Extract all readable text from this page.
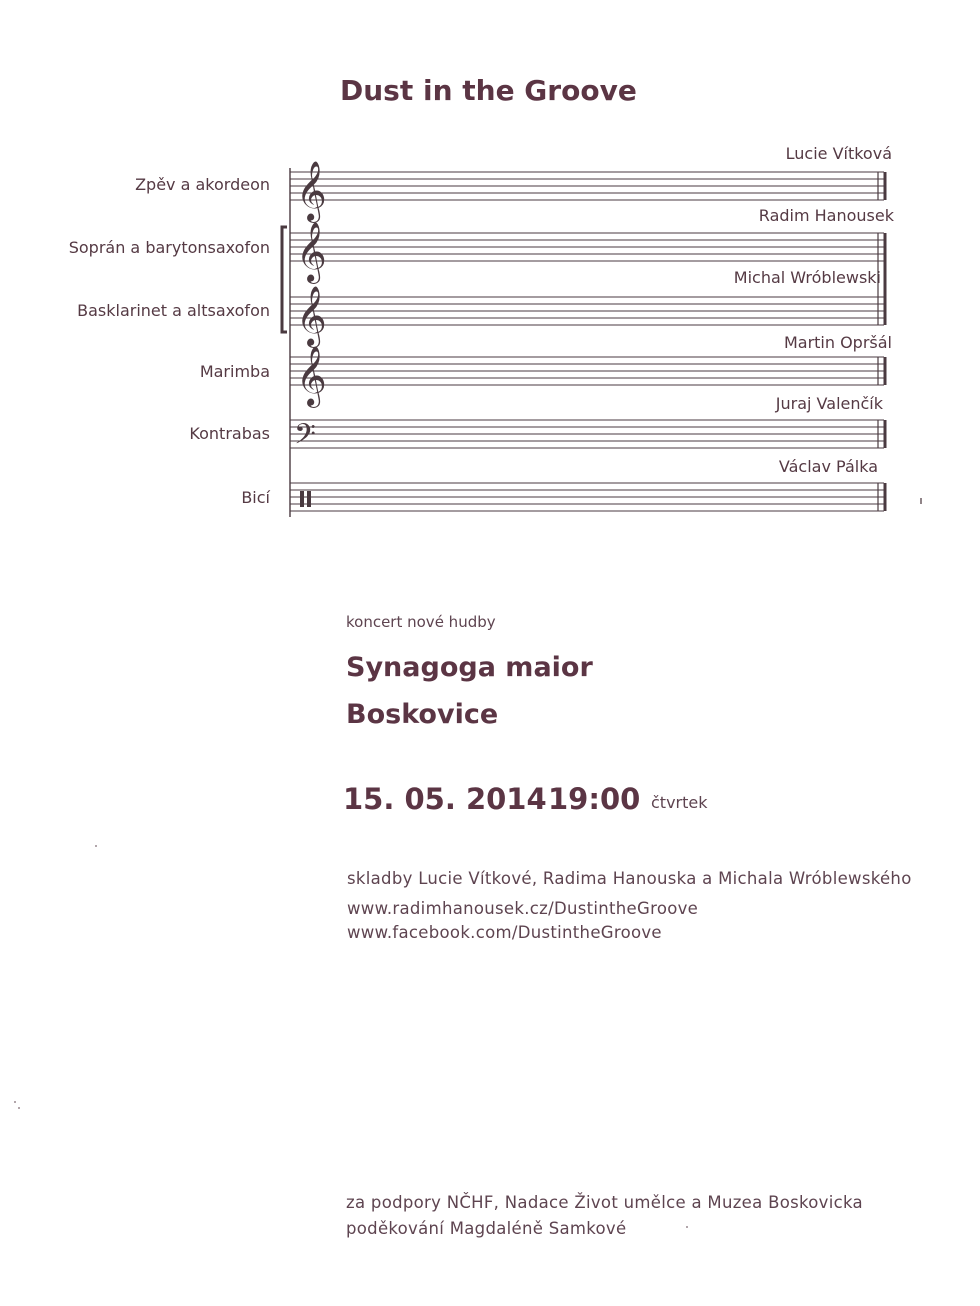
Dust in the Groove
Zpěv a akordeon
Soprán a barytonsaxofon
Basklarinet a altsaxofon
Marimba
Kontrabas
Bicí
Lucie Vítková
Radim Hanousek
Michal Wróblewski
Martin Opršál
Juraj Valenčík
Václav Pálka
𝄞
𝄞
𝄞
𝄞
𝄢
koncert nové hudby
Synagoga maior
Boskovice
15. 05. 2014 19:00 čtvrtek
skladby Lucie Vítkové, Radima Hanouska a Michala Wróblewského
www.radimhanousek.cz/DustintheGroove
www.facebook.com/DustintheGroove
za podpory NČHF, Nadace Život umělce a Muzea Boskovicka
poděkování Magdaléně Samkové
